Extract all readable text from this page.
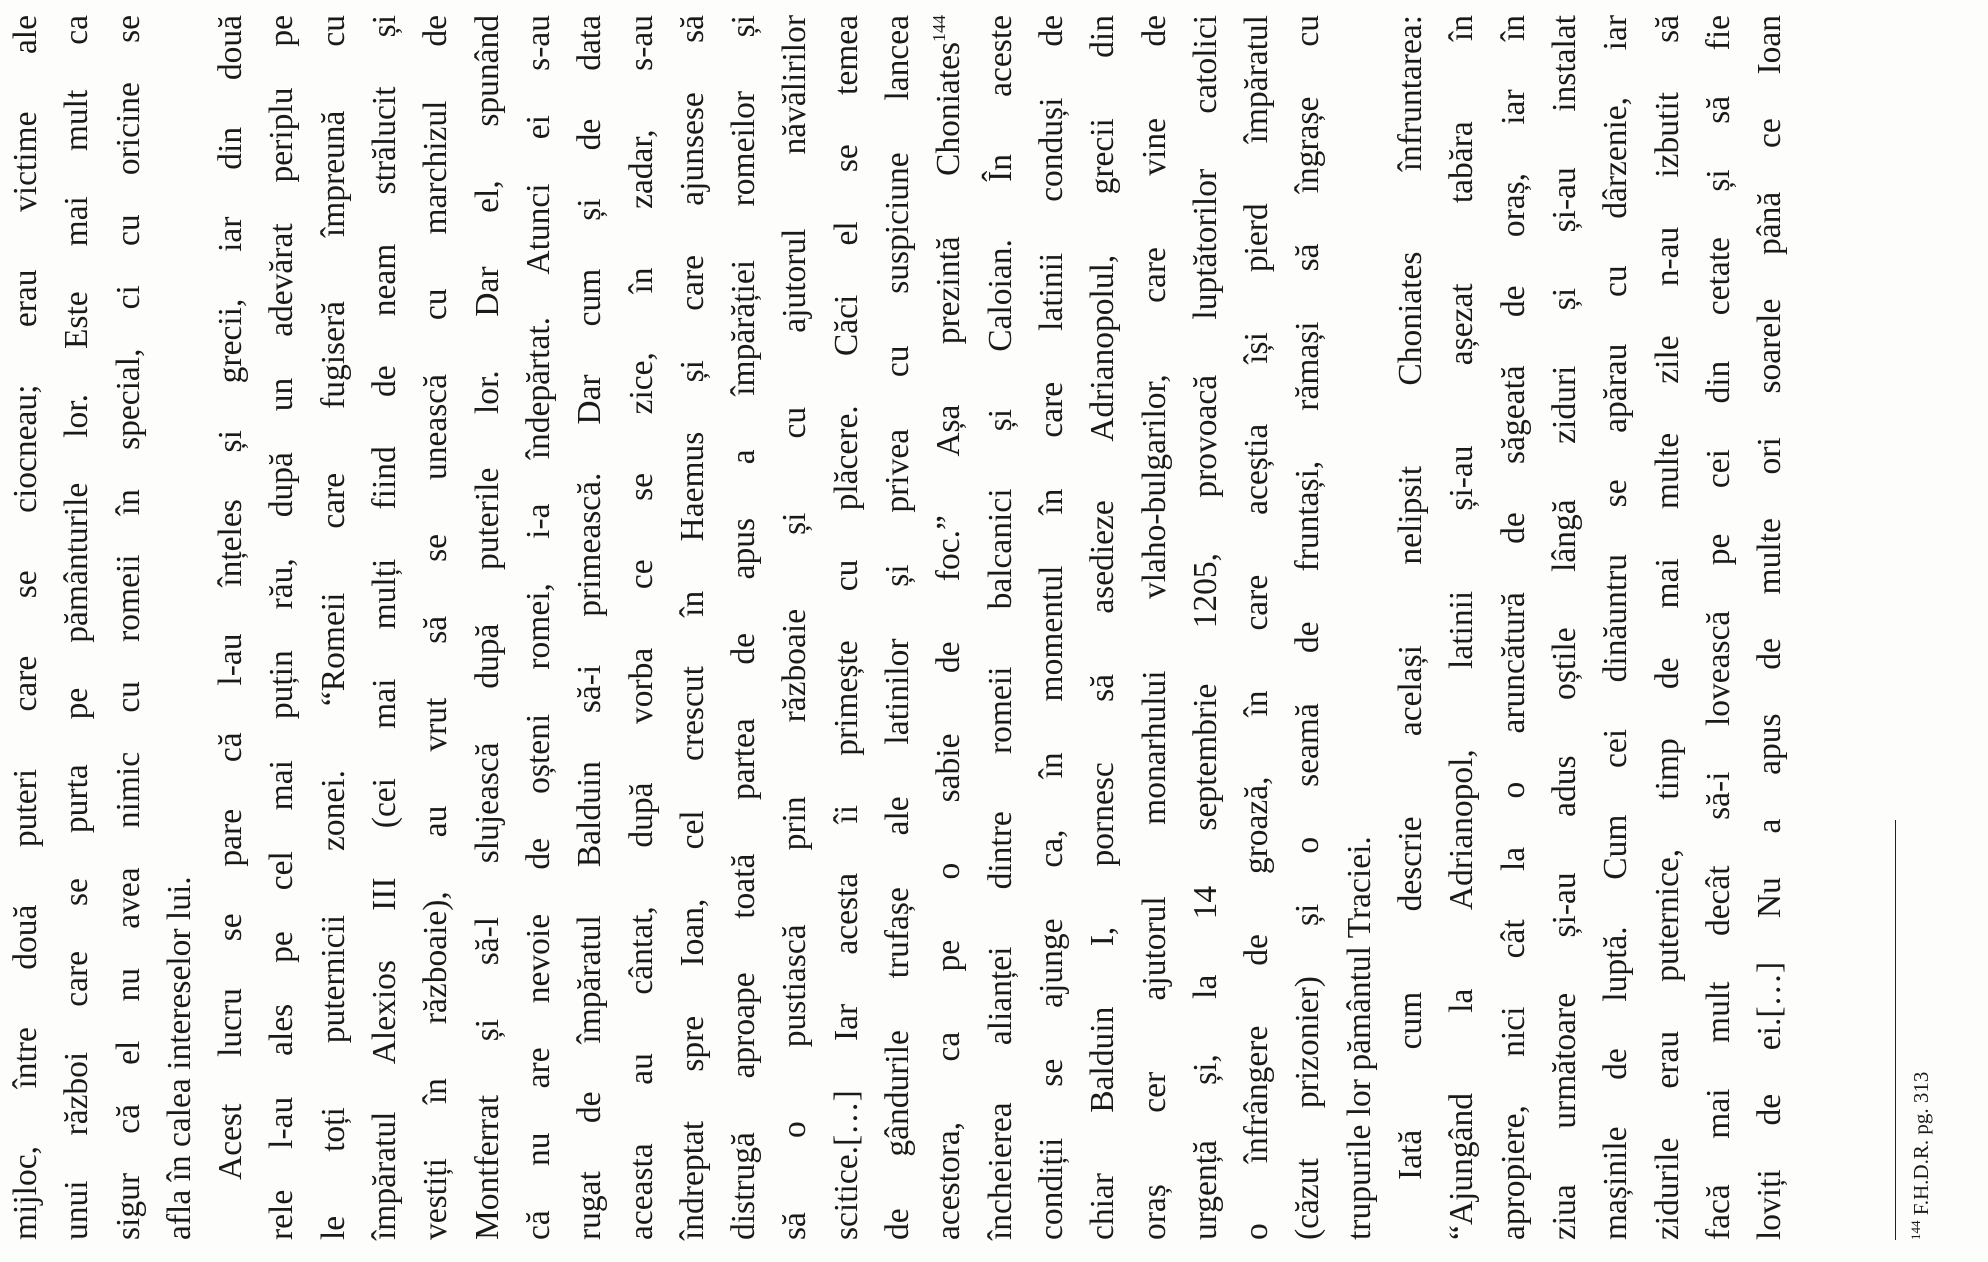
mijloc, între două puteri care se ciocneau; erau victime ale unui război care se purta pe pământurile lor. Este mai mult ca sigur că el nu avea nimic cu romeii în special, ci cu oricine se afla în calea intereselor lui. Acest lucru se pare că l-au înțeles și grecii, iar din două rele l-au ales pe cel mai puțin rău, după un adevărat periplu pe le toți puternicii zonei. “Romeii care fugiseră împreună cu împăratul Alexios III (cei mai mulți fiind de neam strălucit și vestiți în războaie), au vrut să se unească cu marchizul de Montferrat și să-l slujească după puterile lor. Dar el, spunând că nu are nevoie de oșteni romei, i-a îndepărtat. Atunci ei s-au rugat de împăratul Balduin să-i primească. Dar cum și de data aceasta au cântat, după vorba ce se zice, în zadar, s-au îndreptat spre Ioan, cel crescut în Haemus și care ajunsese să distrugă aproape toată partea de apus a împărăției romeilor și să o pustiască prin războaie și cu ajutorul năvălirilor scitice.[…] Iar acesta îi primește cu plăcere. Căci el se temea de gândurile trufașe ale latinilor și privea cu suspiciune lancea acestora, ca pe o sabie de foc.” Așa prezintă Choniates$^{144}$ încheierea alianței dintre romeii balcanici și Caloian. În aceste condiții se ajunge ca, în momentul în care latinii conduși de chiar Balduin I, pornesc să asedieze Adrianopolul, grecii din oraș cer ajutorul monarhului vlaho-bulgarilor, care vine de urgență și, la 14 septembrie 1205, provoacă luptătorilor catolici o înfrângere de groază, în care aceștia își pierd împăratul (căzut prizonier) și o seamă de fruntași, rămași să îngrașe cu trupurile lor pământul Traciei. Iată cum descrie același nelipsit Choniates înfruntarea: “Ajungând la Adrianopol, latinii și-au așezat tabăra în apropiere, nici cât la o aruncătură de săgeată de oraș, iar în ziua următoare și-au adus oștile lângă ziduri și și-au instalat mașinile de luptă. Cum cei dinăuntru se apărau cu dârzenie, iar zidurile erau puternice, timp de mai multe zile n-au izbutit să facă mai mult decât să-i lovească pe cei din cetate și să fie loviți de ei.[…] Nu a apus de multe ori soarele până ce Ioan	$^{144}$ F.H.D.R. pg. 313
